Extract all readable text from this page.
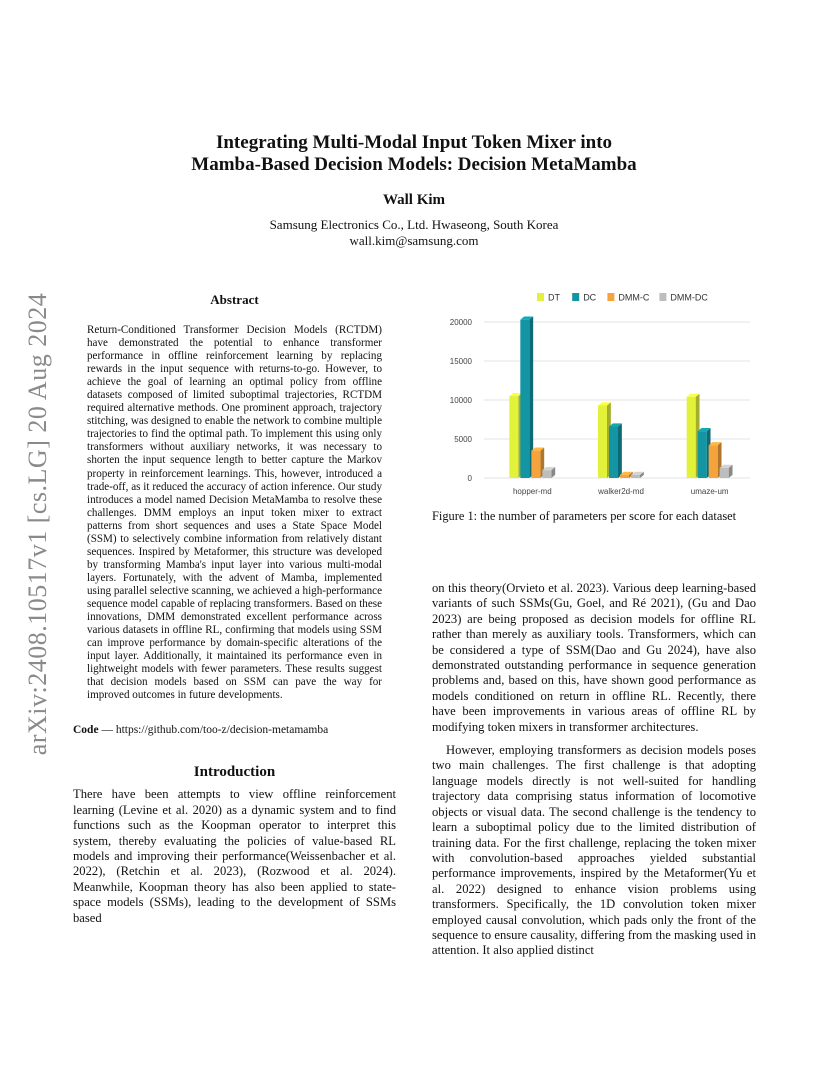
arXiv:2408.10517v1 [cs.LG] 20 Aug 2024
Integrating Multi-Modal Input Token Mixer into
Mamba-Based Decision Models: Decision MetaMamba
Wall Kim
Samsung Electronics Co., Ltd. Hwaseong, South Korea
wall.kim@samsung.com
Abstract

Return-Conditioned Transformer Decision Models (RCTDM) have demonstrated the potential to enhance transformer performance in offline reinforcement learning by replacing rewards in the input sequence with returns-to-go. However, to achieve the goal of learning an optimal policy from offline datasets composed of limited suboptimal trajectories, RCTDM required alternative methods. One prominent approach, trajectory stitching, was designed to enable the network to combine multiple trajectories to find the optimal path. To implement this using only transformers without auxiliary networks, it was necessary to shorten the input sequence length to better capture the Markov property in reinforcement learnings. This, however, introduced a trade-off, as it reduced the accuracy of action inference. Our study introduces a model named Decision MetaMamba to resolve these challenges. DMM employs an input token mixer to extract patterns from short sequences and uses a State Space Model (SSM) to selectively combine information from relatively distant sequences. Inspired by Metaformer, this structure was developed by transforming Mamba's input layer into various multi-modal layers. Fortunately, with the advent of Mamba, implemented using parallel selective scanning, we achieved a high-performance sequence model capable of replacing transformers. Based on these innovations, DMM demonstrated excellent performance across various datasets in offline RL, confirming that models using SSM can improve performance by domain-specific alterations of the input layer. Additionally, it maintained its performance even in lightweight models with fewer parameters. These results suggest that decision models based on SSM can pave the way for improved outcomes in future developments.

Code — https://github.com/too-z/decision-metamamba
Introduction

There have been attempts to view offline reinforcement learning (Levine et al. 2020) as a dynamic system and to find functions such as the Koopman operator to interpret this system, thereby evaluating the policies of value-based RL models and improving their performance(Weissenbacher et al. 2022), (Retchin et al. 2023), (Rozwood et al. 2024). Meanwhile, Koopman theory has also been applied to state-space models (SSMs), leading to the development of SSMs based

0
5000
10000
15000
20000
DT	DC DMM-C DMM-DC
hopper-md	walker2d-md	umaze-um
Figure 1: the number of parameters per score for each dataset

on this theory(Orvieto et al. 2023). Various deep learning-based variants of such SSMs(Gu, Goel, and Ré 2021), (Gu and Dao 2023) are being proposed as decision models for offline RL rather than merely as auxiliary tools. Transformers, which can be considered a type of SSM(Dao and Gu 2024), have also demonstrated outstanding performance in sequence generation problems and, based on this, have shown good performance as models conditioned on return in offline RL. Recently, there have been improvements in various areas of offline RL by modifying token mixers in transformer architectures.

However, employing transformers as decision models poses two main challenges. The first challenge is that adopting language models directly is not well-suited for handling trajectory data comprising status information of locomotive objects or visual data. The second challenge is the tendency to learn a suboptimal policy due to the limited distribution of training data. For the first challenge, replacing the token mixer with convolution-based approaches yielded substantial performance improvements, inspired by the Metaformer(Yu et al. 2022) designed to enhance vision problems using transformers. Specifically, the 1D convolution token mixer employed causal convolution, which pads only the front of the sequence to ensure causality, differing from the masking used in attention. It also applied distinct
